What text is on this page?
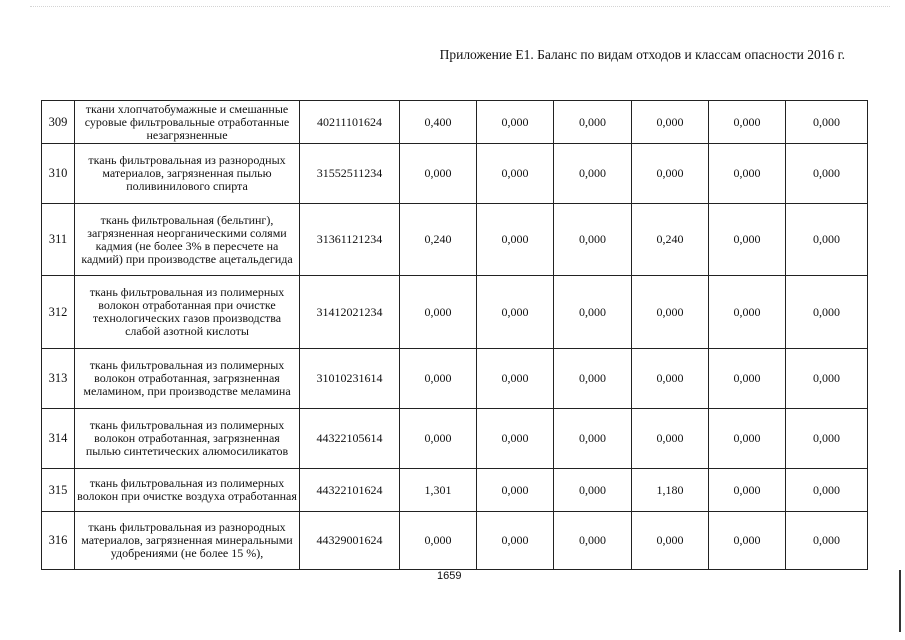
Приложение Е1. Баланс по видам отходов и классам опасности 2016 г.
309	ткани хлопчатобумажные и смешанные суровые фильтровальные отработанные незагрязненные	40211101624	0,400	0,000	0,000	0,000	0,000	0,000
310	ткань фильтровальная из разнородных материалов, загрязненная пылью поливинилового спирта	31552511234	0,000	0,000	0,000	0,000	0,000	0,000
311	ткань фильтровальная (бельтинг), загрязненная неорганическими солями кадмия (не более 3% в пересчете на кадмий) при производстве ацетальдегида	31361121234	0,240	0,000	0,000	0,240	0,000	0,000
312	ткань фильтровальная из полимерных волокон отработанная при очистке технологических газов производства слабой азотной кислоты	31412021234	0,000	0,000	0,000	0,000	0,000	0,000
313	ткань фильтровальная из полимерных волокон отработанная, загрязненная меламином, при производстве меламина	31010231614	0,000	0,000	0,000	0,000	0,000	0,000
314	ткань фильтровальная из полимерных волокон отработанная, загрязненная пылью синтетических алюмосиликатов	44322105614	0,000	0,000	0,000	0,000	0,000	0,000
315	ткань фильтровальная из полимерных волокон при очистке воздуха отработанная	44322101624	1,301	0,000	0,000	1,180	0,000	0,000
316	ткань фильтровальная из разнородных материалов, загрязненная минеральными удобрениями (не более 15 %),	44329001624	0,000	0,000	0,000	0,000	0,000	0,000
1659
